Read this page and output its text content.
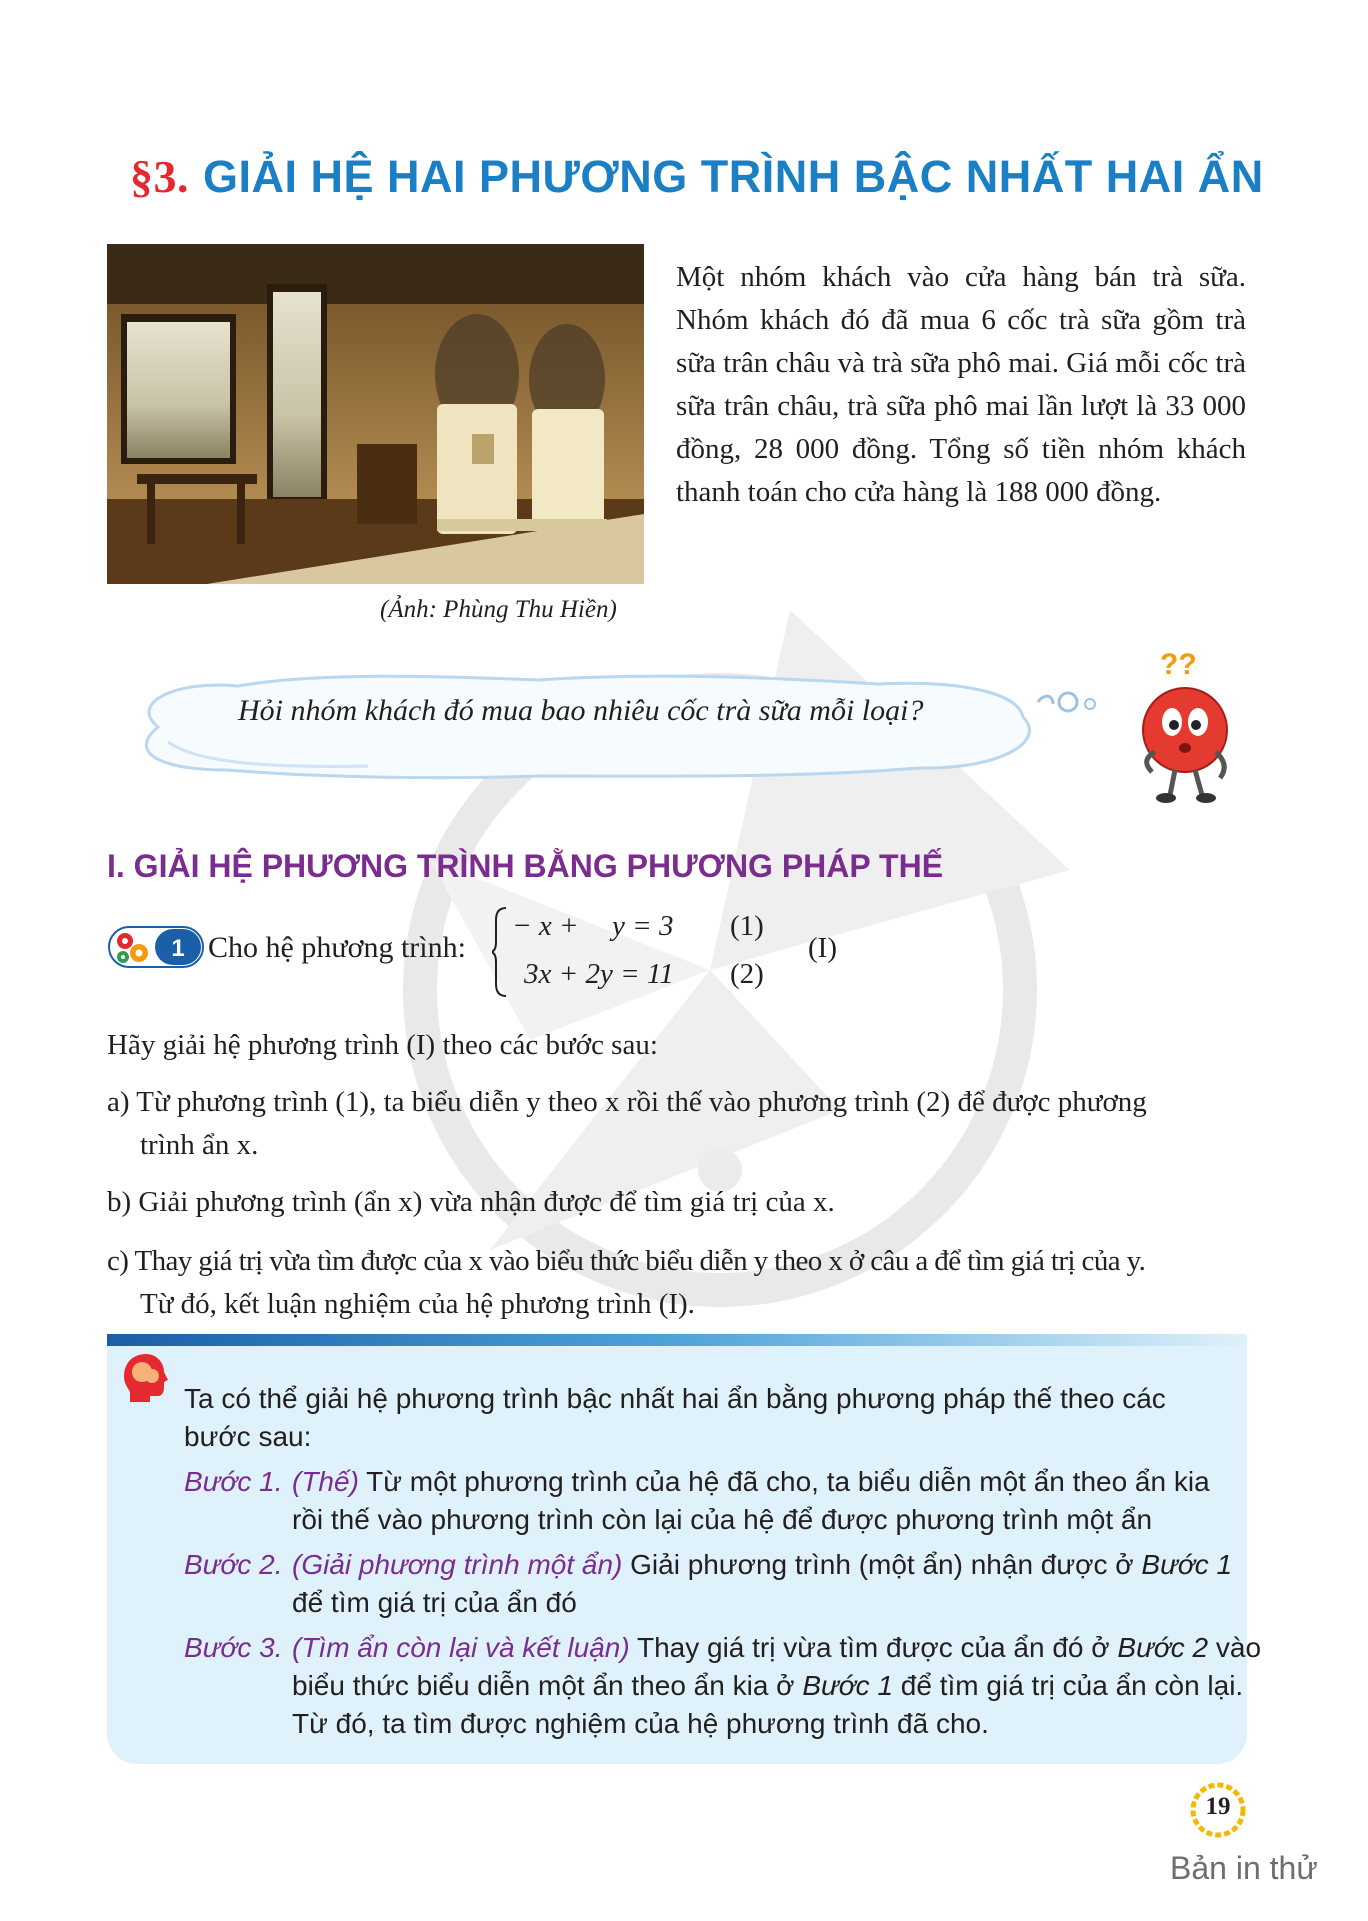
§3. GIẢI HỆ HAI PHƯƠNG TRÌNH BẬC NHẤT HAI ẨN
(Ảnh: Phùng Thu Hiền)
Một nhóm khách vào cửa hàng bán trà sữa. Nhóm khách đó đã mua 6 cốc trà sữa gồm trà sữa trân châu và trà sữa phô mai. Giá mỗi cốc trà sữa trân châu, trà sữa phô mai lần lượt là 33 000 đồng, 28 000 đồng. Tổng số tiền nhóm khách thanh toán cho cửa hàng là 188 000 đồng.
Hỏi nhóm khách đó mua bao nhiêu cốc trà sữa mỗi loại?
??
I. GIẢI HỆ PHƯƠNG TRÌNH BẰNG PHƯƠNG PHÁP THẾ
1 Cho hệ phương trình:
− x + y = 3 (1)
3x + 2y = 11 (2)
(I)
Hãy giải hệ phương trình (I) theo các bước sau:
a) Từ phương trình (1), ta biểu diễn y theo x rồi thế vào phương trình (2) để được phương
trình ẩn x.
b) Giải phương trình (ẩn x) vừa nhận được để tìm giá trị của x.
c) Thay giá trị vừa tìm được của x vào biểu thức biểu diễn y theo x ở câu a để tìm giá trị của y.
Từ đó, kết luận nghiệm của hệ phương trình (I).
Ta có thể giải hệ phương trình bậc nhất hai ẩn bằng phương pháp thế theo các
bước sau:
Bước 1. (Thế) Từ một phương trình của hệ đã cho, ta biểu diễn một ẩn theo ẩn kia
rồi thế vào phương trình còn lại của hệ để được phương trình một ẩn
Bước 2. (Giải phương trình một ẩn) Giải phương trình (một ẩn) nhận được ở Bước 1
để tìm giá trị của ẩn đó
Bước 3. (Tìm ẩn còn lại và kết luận) Thay giá trị vừa tìm được của ẩn đó ở Bước 2 vào
biểu thức biểu diễn một ẩn theo ẩn kia ở Bước 1 để tìm giá trị của ẩn còn lại.
Từ đó, ta tìm được nghiệm của hệ phương trình đã cho.
19
Bản in thử
